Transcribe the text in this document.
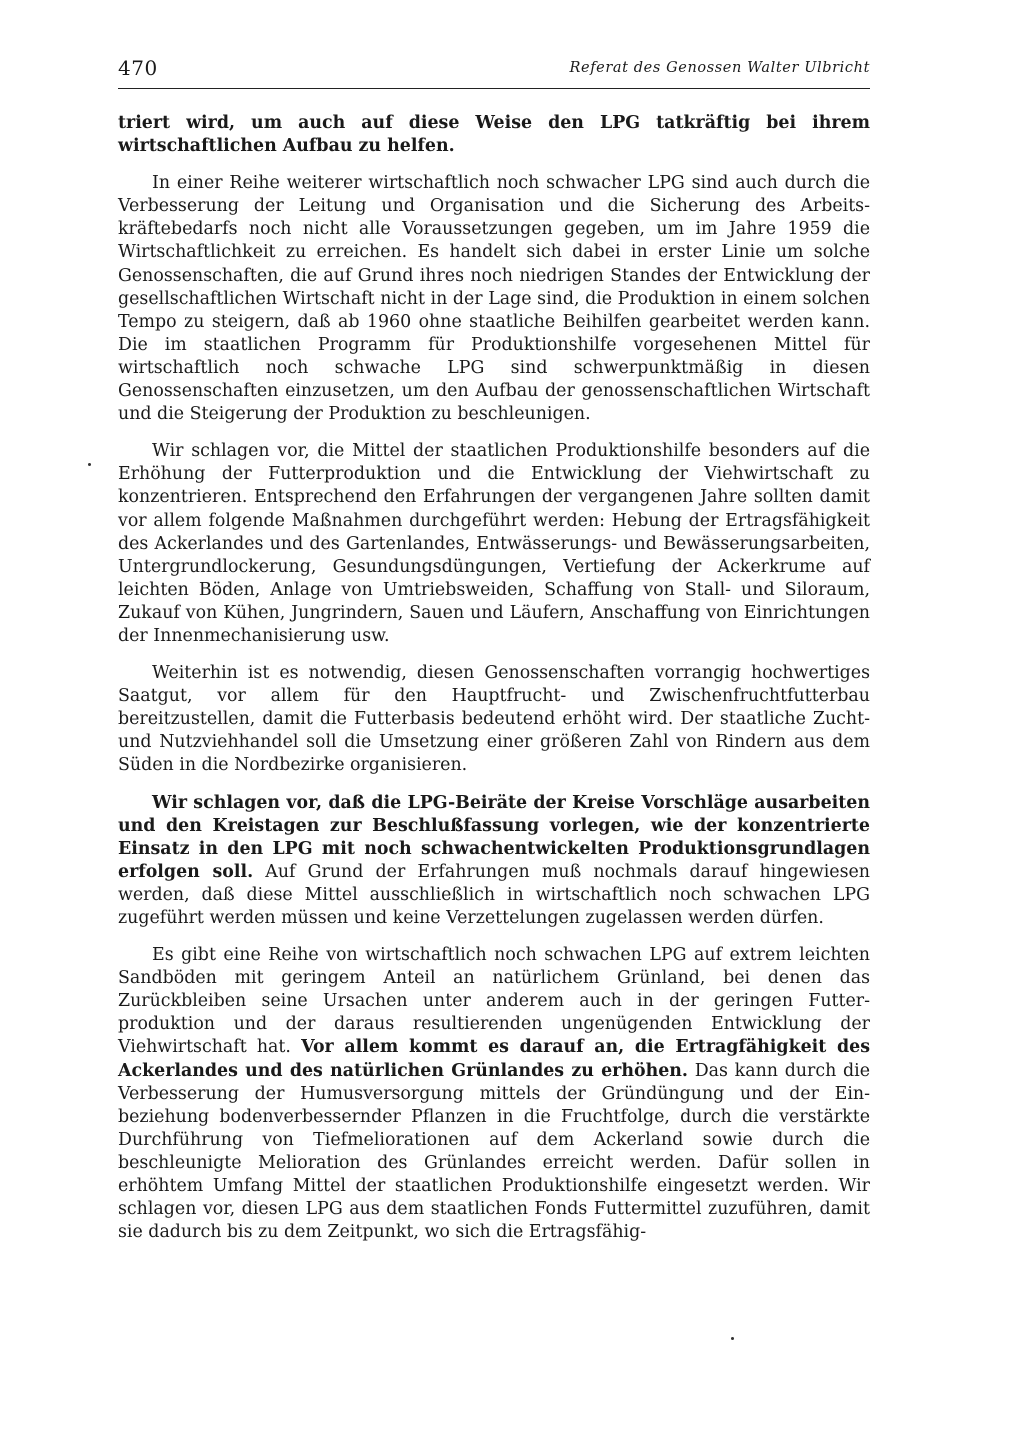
470	Referat des Genossen Walter Ulbricht

triert wird, um auch auf diese Weise den LPG tatkräftig bei ihrem wirtschaftlichen Aufbau zu helfen.

In einer Reihe weiterer wirtschaftlich noch schwacher LPG sind auch durch die Verbesserung der Leitung und Organisation und die Sicherung des Arbeitskräftebedarfs noch nicht alle Voraussetzungen gegeben, um im Jahre 1959 die Wirtschaftlichkeit zu erreichen. Es handelt sich dabei in erster Linie um solche Genossenschaften, die auf Grund ihres noch niedrigen Standes der Entwicklung der gesellschaftlichen Wirtschaft nicht in der Lage sind, die Produktion in einem solchen Tempo zu steigern, daß ab 1960 ohne staatliche Beihilfen gearbeitet werden kann. Die im staatlichen Programm für Produktionshilfe vorgesehenen Mittel für wirtschaftlich noch schwache LPG sind schwerpunktmäßig in diesen Genossenschaften einzusetzen, um den Aufbau der genossenschaftlichen Wirtschaft und die Steigerung der Produktion zu beschleunigen.

Wir schlagen vor, die Mittel der staatlichen Produktionshilfe besonders auf die Erhöhung der Futterproduktion und die Entwicklung der Viehwirtschaft zu konzentrieren. Entsprechend den Erfahrungen der vergangenen Jahre sollten damit vor allem folgende Maßnahmen durchgeführt werden: Hebung der Ertragsfähigkeit des Ackerlandes und des Gartenlandes, Entwässerungs- und Bewässerungsarbeiten, Untergrundlockerung, Gesundungsdüngungen, Vertiefung der Ackerkrume auf leichten Böden, Anlage von Umtriebsweiden, Schaffung von Stall- und Siloraum, Zukauf von Kühen, Jungrindern, Sauen und Läufern, Anschaffung von Einrichtungen der Innenmechanisierung usw.

Weiterhin ist es notwendig, diesen Genossenschaften vorrangig hochwertiges Saatgut, vor allem für den Hauptfrucht- und Zwischenfruchtfutterbau bereitzustellen, damit die Futterbasis bedeutend erhöht wird. Der staatliche Zucht- und Nutzviehhandel soll die Umsetzung einer größeren Zahl von Rindern aus dem Süden in die Nordbezirke organisieren.

Wir schlagen vor, daß die LPG-Beiräte der Kreise Vorschläge ausarbeiten und den Kreistagen zur Beschlußfassung vorlegen, wie der konzentrierte Einsatz in den LPG mit noch schwachentwickelten Produktionsgrundlagen erfolgen soll. Auf Grund der Erfahrungen muß nochmals darauf hingewiesen werden, daß diese Mittel ausschließlich in wirtschaftlich noch schwachen LPG zugeführt werden müssen und keine Verzettelungen zugelassen werden dürfen.

Es gibt eine Reihe von wirtschaftlich noch schwachen LPG auf extrem leichten Sandböden mit geringem Anteil an natürlichem Grünland, bei denen das Zurückbleiben seine Ursachen unter anderem auch in der geringen Futterproduktion und der daraus resultierenden ungenügenden Entwicklung der Viehwirtschaft hat. Vor allem kommt es darauf an, die Ertragfähigkeit des Ackerlandes und des natürlichen Grünlandes zu erhöhen. Das kann durch die Verbesserung der Humusversorgung mittels der Gründüngung und der Einbeziehung bodenverbessernder Pflanzen in die Fruchtfolge, durch die verstärkte Durchführung von Tiefmeliorationen auf dem Ackerland sowie durch die beschleunigte Melioration des Grünlandes erreicht werden. Dafür sollen in erhöhtem Umfang Mittel der staatlichen Produktionshilfe eingesetzt werden. Wir schlagen vor, diesen LPG aus dem staatlichen Fonds Futtermittel zuzuführen, damit sie dadurch bis zu dem Zeitpunkt, wo sich die Ertragsfähig-
